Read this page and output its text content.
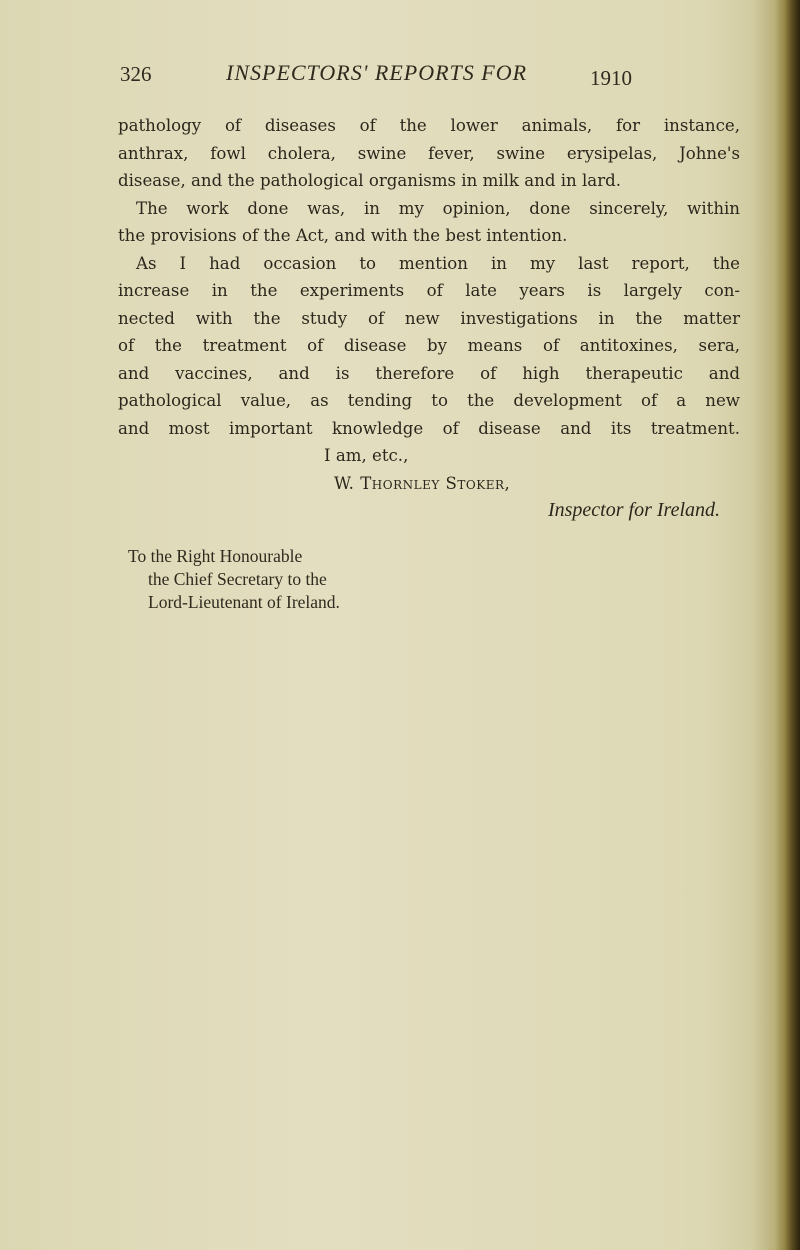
326	INSPECTORS' REPORTS FOR	1910
pathology of diseases of the lower animals, for instance,
anthrax, fowl cholera, swine fever, swine erysipelas, Johne's
disease, and the pathological organisms in milk and in lard.
The work done was, in my opinion, done sincerely, within
the provisions of the Act, and with the best intention.
As I had occasion to mention in my last report, the
increase in the experiments of late years is largely con-
nected with the study of new investigations in the matter
of the treatment of disease by means of antitoxines, sera,
and vaccines, and is therefore of high therapeutic and
pathological value, as tending to the development of a new
and most important knowledge of disease and its treatment.
I am, etc.,
W. Thornley Stoker,
Inspector for Ireland.
To the Right Honourable
the Chief Secretary to the
Lord-Lieutenant of Ireland.
